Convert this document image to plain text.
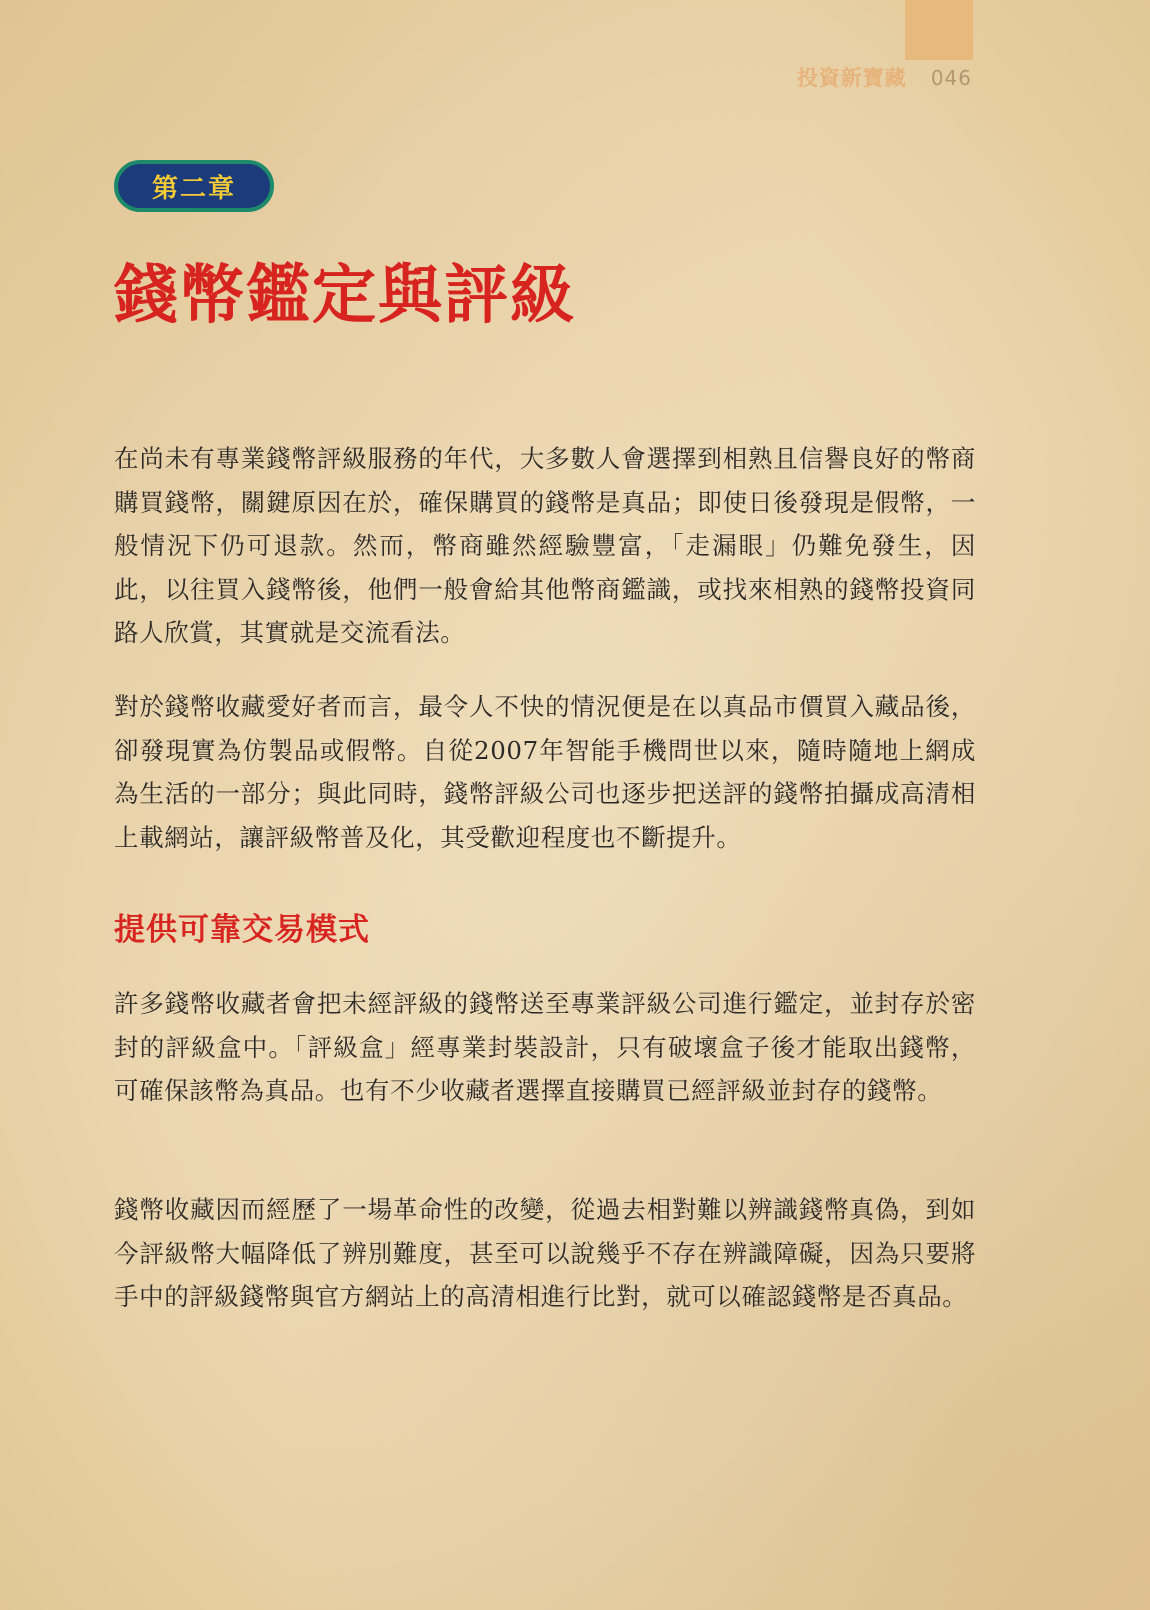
投資新寶藏 046
第二章
錢幣鑑定與評級

在尚未有專業錢幣評級服務的年代，大多數人會選擇到相熟且信譽良好的幣商購買錢幣，關鍵原因在於，確保購買的錢幣是真品；即使日後發現是假幣，一般情況下仍可退款。然而，幣商雖然經驗豐富，「走漏眼」仍難免發生，因此，以往買入錢幣後，他們一般會給其他幣商鑑識，或找來相熟的錢幣投資同路人欣賞，其實就是交流看法。

對於錢幣收藏愛好者而言，最令人不快的情況便是在以真品市價買入藏品後，卻發現實為仿製品或假幣。自從2007年智能手機問世以來，隨時隨地上網成為生活的一部分；與此同時，錢幣評級公司也逐步把送評的錢幣拍攝成高清相上載網站，讓評級幣普及化，其受歡迎程度也不斷提升。

提供可靠交易模式

許多錢幣收藏者會把未經評級的錢幣送至專業評級公司進行鑑定，並封存於密封的評級盒中。「評級盒」經專業封裝設計，只有破壞盒子後才能取出錢幣，可確保該幣為真品。也有不少收藏者選擇直接購買已經評級並封存的錢幣。

錢幣收藏因而經歷了一場革命性的改變，從過去相對難以辨識錢幣真偽，到如今評級幣大幅降低了辨別難度，甚至可以說幾乎不存在辨識障礙，因為只要將手中的評級錢幣與官方網站上的高清相進行比對，就可以確認錢幣是否真品。
